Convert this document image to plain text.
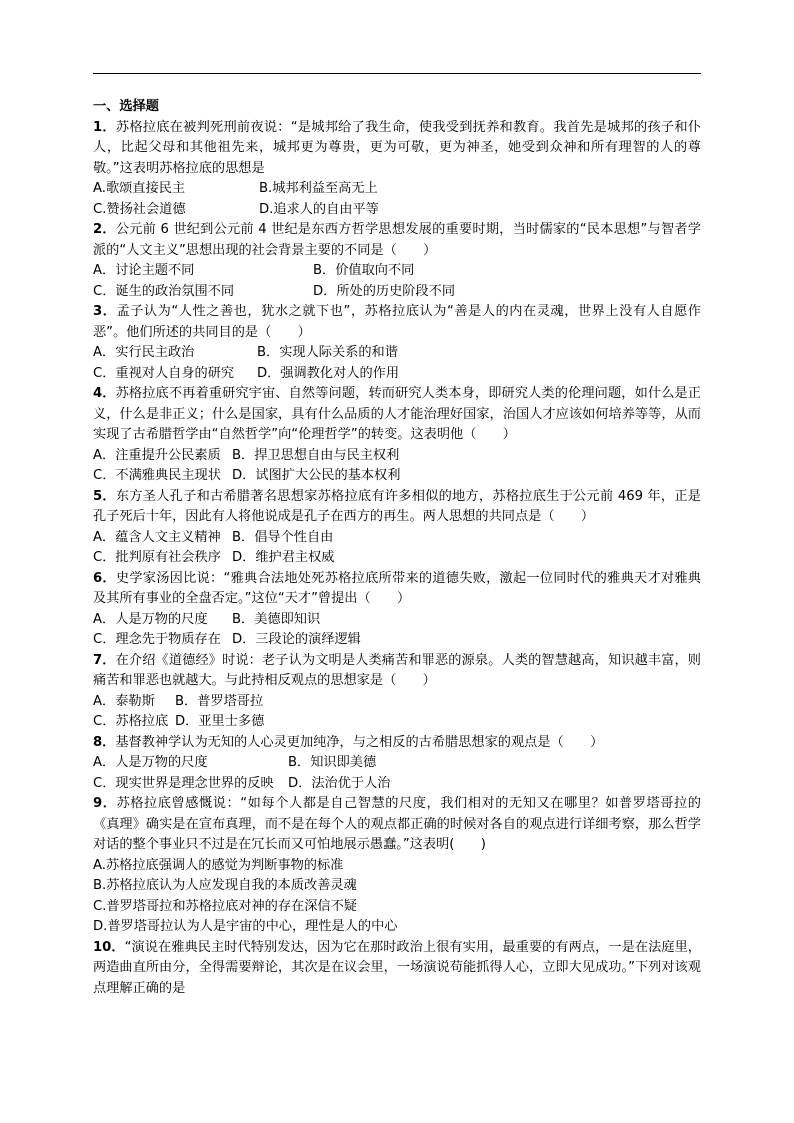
一、选择题

1．苏格拉底在被判死刑前夜说：“是城邦给了我生命，使我受到抚养和教育。我首先是城邦的孩子和仆人，比起父母和其他祖先来，城邦更为尊贵，更为可敬，更为神圣，她受到众神和所有理智的人的尊敬。”这表明苏格拉底的思想是

A.歌颂直接民主	B.城邦利益至高无上
C.赞扬社会道德	D.追求人的自由平等

2．公元前 6 世纪到公元前 4 世纪是东西方哲学思想发展的重要时期，当时儒家的“民本思想”与智者学派的“人文主义”思想出现的社会背景主要的不同是（　　）

A．讨论主题不同	B．价值取向不同
C．诞生的政治氛围不同	D．所处的历史阶段不同

3．孟子认为“人性之善也，犹水之就下也”，苏格拉底认为“善是人的内在灵魂，世界上没有人自愿作恶”。他们所述的共同目的是（　　）

A．实行民主政治	B．实现人际关系的和谐
C．重视对人自身的研究	D．强调教化对人的作用

4．苏格拉底不再着重研究宇宙、自然等问题，转而研究人类本身，即研究人类的伦理问题，如什么是正义，什么是非正义；什么是国家，具有什么品质的人才能治理好国家，治国人才应该如何培养等等，从而实现了古希腊哲学由“自然哲学”向“伦理哲学”的转变。这表明他（　　）

A．注重提升公民素质 B．捍卫思想自由与民主权利
C．不满雅典民主现状 D．试图扩大公民的基本权利

5．东方圣人孔子和古希腊著名思想家苏格拉底有许多相似的地方，苏格拉底生于公元前 469 年，正是孔子死后十年，因此有人将他说成是孔子在西方的再生。两人思想的共同点是（　　）

A．蕴含人文主义精神 B．倡导个性自由
C．批判原有社会秩序 D．维护君主权威

6．史学家汤因比说：“雅典合法地处死苏格拉底所带来的道德失败，激起一位同时代的雅典天才对雅典及其所有事业的全盘否定。”这位“天才”曾提出（　　）

A．人是万物的尺度	B．美德即知识
C．理念先于物质存在 D．三段论的演绎逻辑

7．在介绍《道德经》时说：老子认为文明是人类痛苦和罪恶的源泉。人类的智慧越高，知识越丰富，则痛苦和罪恶也就越大。与此持相反观点的思想家是（　　）

A．泰勒斯	B．普罗塔哥拉
C．苏格拉底 D．亚里士多德

8．基督教神学认为无知的人心灵更加纯净，与之相反的古希腊思想家的观点是（　　）

A．人是万物的尺度	B．知识即美德
C．现实世界是理念世界的反映	D．法治优于人治

9．苏格拉底曾感慨说：“如每个人都是自己智慧的尺度，我们相对的无知又在哪里？如普罗塔哥拉的《真理》确实是在宣布真理，而不是在每个人的观点都正确的时候对各自的观点进行详细考察，那么哲学对话的整个事业只不过是在冗长而又可怕地展示愚蠢。”这表明(　　)

A.苏格拉底强调人的感觉为判断事物的标准
B.苏格拉底认为人应发现自我的本质改善灵魂
C.普罗塔哥拉和苏格拉底对神的存在深信不疑
D.普罗塔哥拉认为人是宇宙的中心，理性是人的中心

10．“演说在雅典民主时代特别发达，因为它在那时政治上很有实用，最重要的有两点，一是在法庭里，两造曲直所由分，全得需要辩论，其次是在议会里，一场演说苟能抓得人心，立即大见成功。”下列对该观点理解正确的是
